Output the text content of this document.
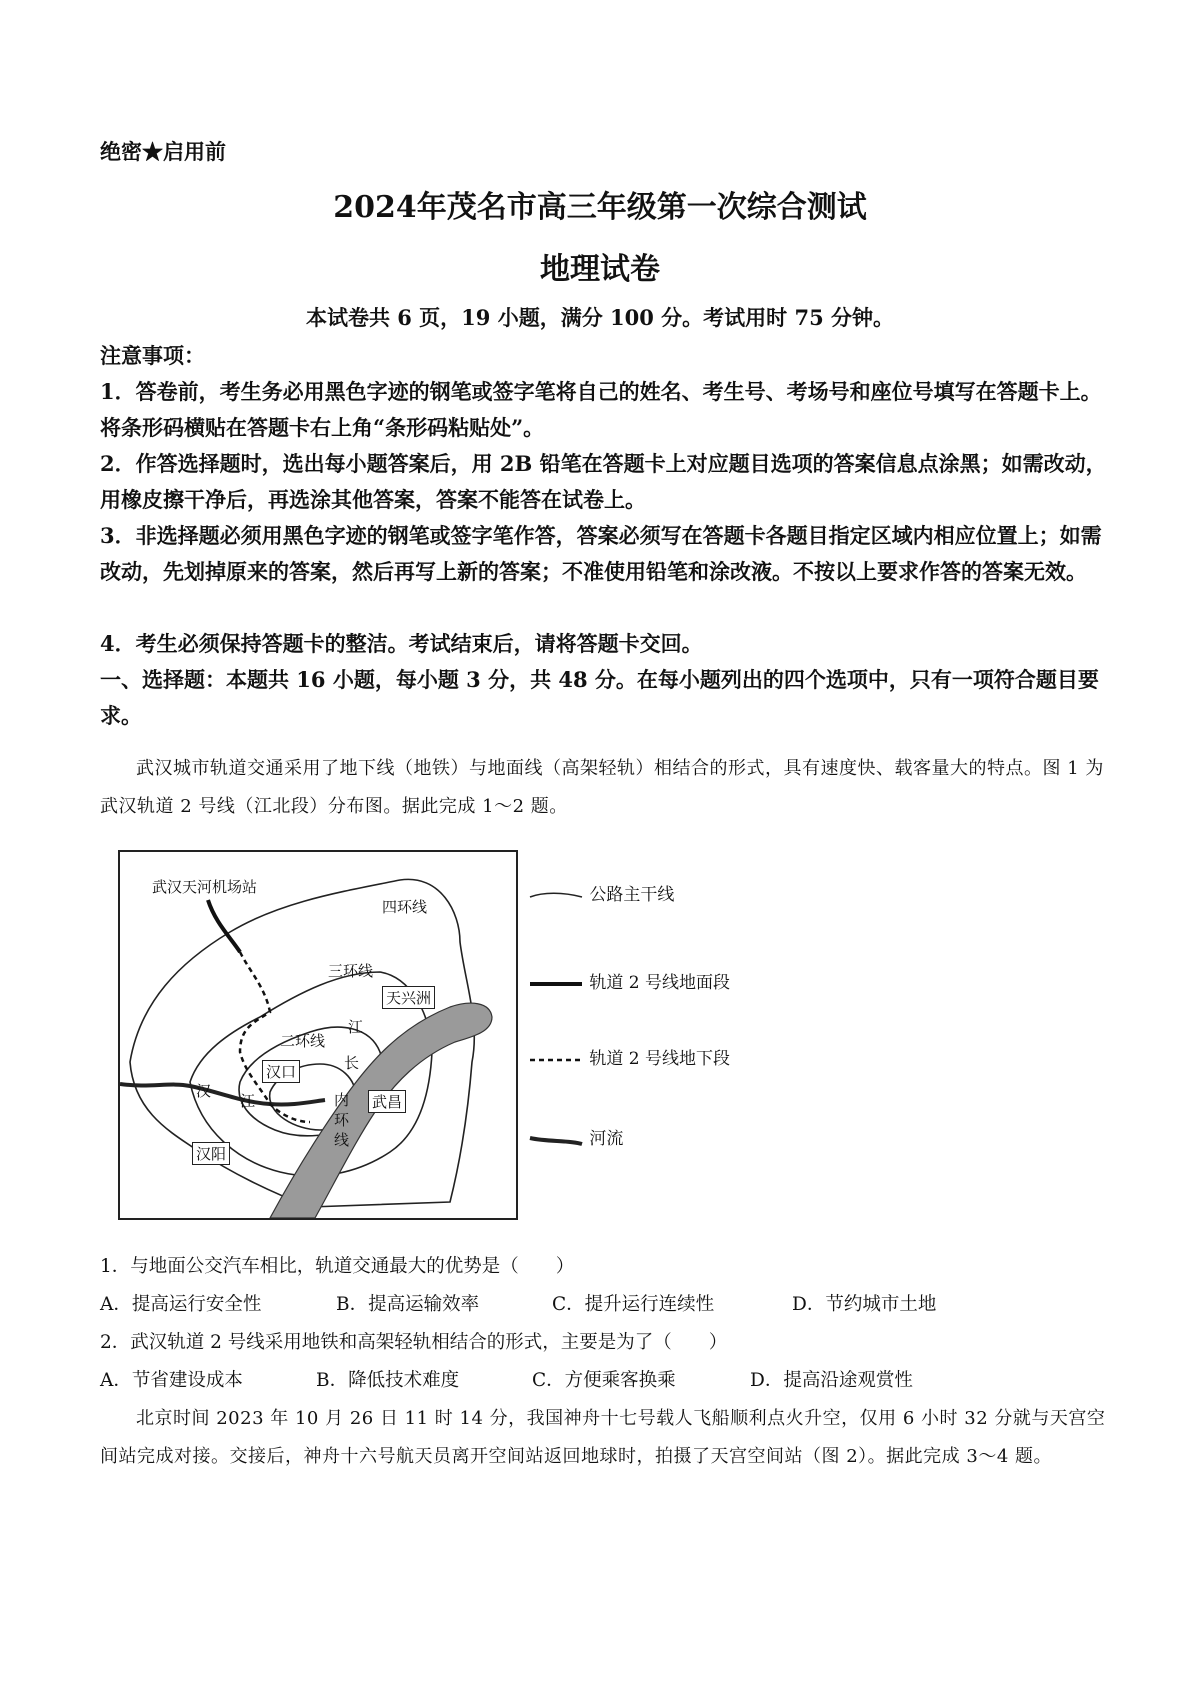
绝密★启用前
2024年茂名市高三年级第一次综合测试
地理试卷
本试卷共 6 页，19 小题，满分 100 分。考试用时 75 分钟。
注意事项：
1．答卷前，考生务必用黑色字迹的钢笔或签字笔将自己的姓名、考生号、考场号和座位号填写在答题卡上。将条形码横贴在答题卡右上角“条形码粘贴处”。
2．作答选择题时，选出每小题答案后，用 2B 铅笔在答题卡上对应题目选项的答案信息点涂黑；如需改动，用橡皮擦干净后，再选涂其他答案，答案不能答在试卷上。
3．非选择题必须用黑色字迹的钢笔或签字笔作答，答案必须写在答题卡各题目指定区域内相应位置上；如需改动，先划掉原来的答案，然后再写上新的答案；不准使用铅笔和涂改液。不按以上要求作答的答案无效。
4．考生必须保持答题卡的整洁。考试结束后，请将答题卡交回。
一、选择题：本题共 16 小题，每小题 3 分，共 48 分。在每小题列出的四个选项中，只有一项符合题目要求。
武汉城市轨道交通采用了地下线（地铁）与地面线（高架轻轨）相结合的形式，具有速度快、载客量大的特点。图 1 为武汉轨道 2 号线（江北段）分布图。据此完成 1～2 题。
武汉天河机场站
四环线
三环线
二环线
天兴洲
汉口
武昌
汉阳
汉
江
长
江
内环线
公路主干线
轨道 2 号线地面段
轨道 2 号线地下段
河流
1．与地面公交汽车相比，轨道交通最大的优势是（　　）
A．提高运行安全性	B．提高运输效率	C．提升运行连续性	D．节约城市土地
2．武汉轨道 2 号线采用地铁和高架轻轨相结合的形式，主要是为了（　　）
A．节省建设成本	B．降低技术难度	C．方便乘客换乘	D．提高沿途观赏性
北京时间 2023 年 10 月 26 日 11 时 14 分，我国神舟十七号载人飞船顺利点火升空，仅用 6 小时 32 分就与天宫空间站完成对接。交接后，神舟十六号航天员离开空间站返回地球时，拍摄了天宫空间站（图 2）。据此完成 3～4 题。
